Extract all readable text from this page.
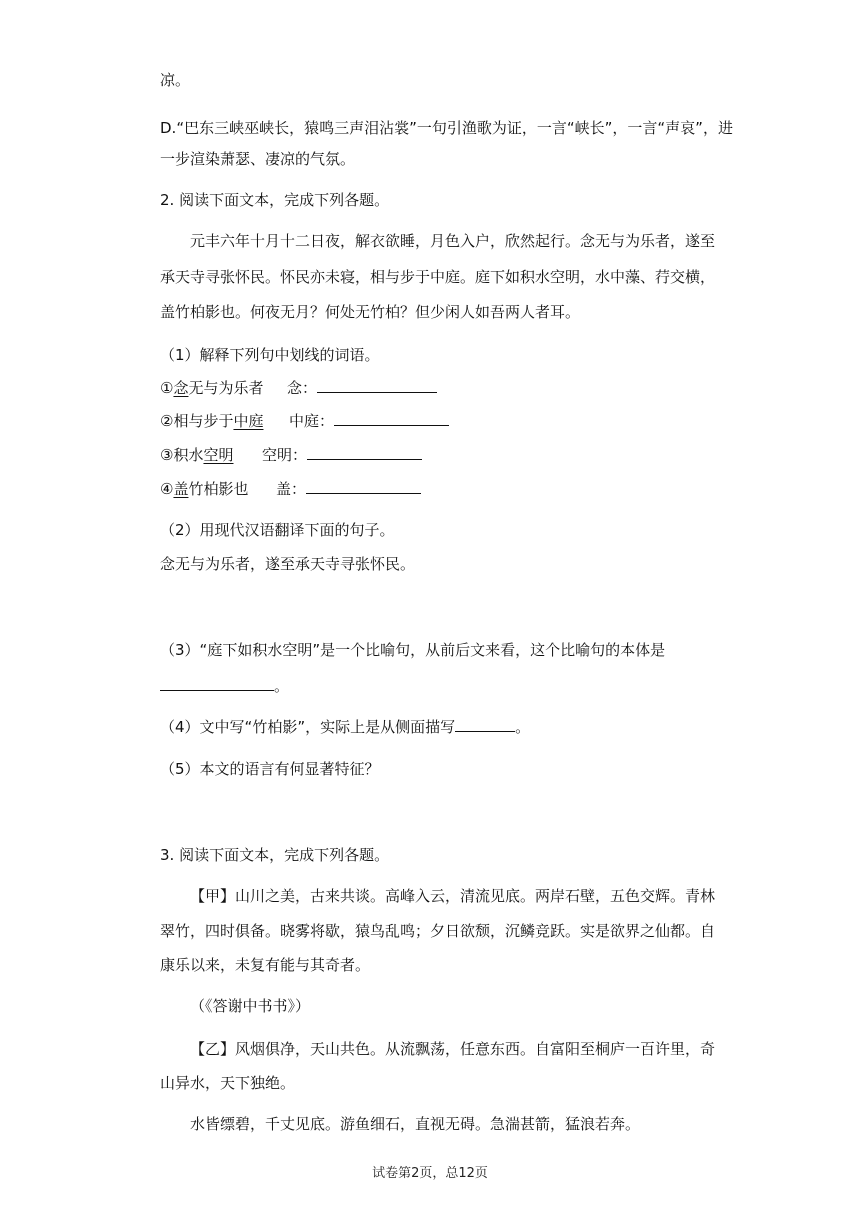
凉。
D.“巴东三峡巫峡长，猿鸣三声泪沾裳”一句引渔歌为证，一言“峡长”，一言“声哀”，进
一步渲染萧瑟、凄凉的气氛。
2. 阅读下面文本，完成下列各题。
元丰六年十月十二日夜，解衣欲睡，月色入户，欣然起行。念无与为乐者，遂至
承天寺寻张怀民。怀民亦未寝，相与步于中庭。庭下如积水空明，水中藻、荇交横，
盖竹柏影也。何夜无月？何处无竹柏？但少闲人如吾两人者耳。
（1）解释下列句中划线的词语。
①念无与为乐者 念：
②相与步于中庭 中庭：
③积水空明 空明：
④盖竹柏影也 盖：
（2）用现代汉语翻译下面的句子。
念无与为乐者，遂至承天寺寻张怀民。
（3）“庭下如积水空明”是一个比喻句，从前后文来看，这个比喻句的本体是
。
（4）文中写“竹柏影”，实际上是从侧面描写	。
（5）本文的语言有何显著特征？
3. 阅读下面文本，完成下列各题。
【甲】山川之美，古来共谈。高峰入云，清流见底。两岸石壁，五色交辉。青林
翠竹，四时俱备。晓雾将歇，猿鸟乱鸣；夕日欲颓，沉鳞竞跃。实是欲界之仙都。自
康乐以来，未复有能与其奇者。
（《答谢中书书》）
【乙】风烟俱净，天山共色。从流飘荡，任意东西。自富阳至桐庐一百许里，奇
山异水，天下独绝。
水皆缥碧，千丈见底。游鱼细石，直视无碍。急湍甚箭，猛浪若奔。
试卷第2页，总12页
